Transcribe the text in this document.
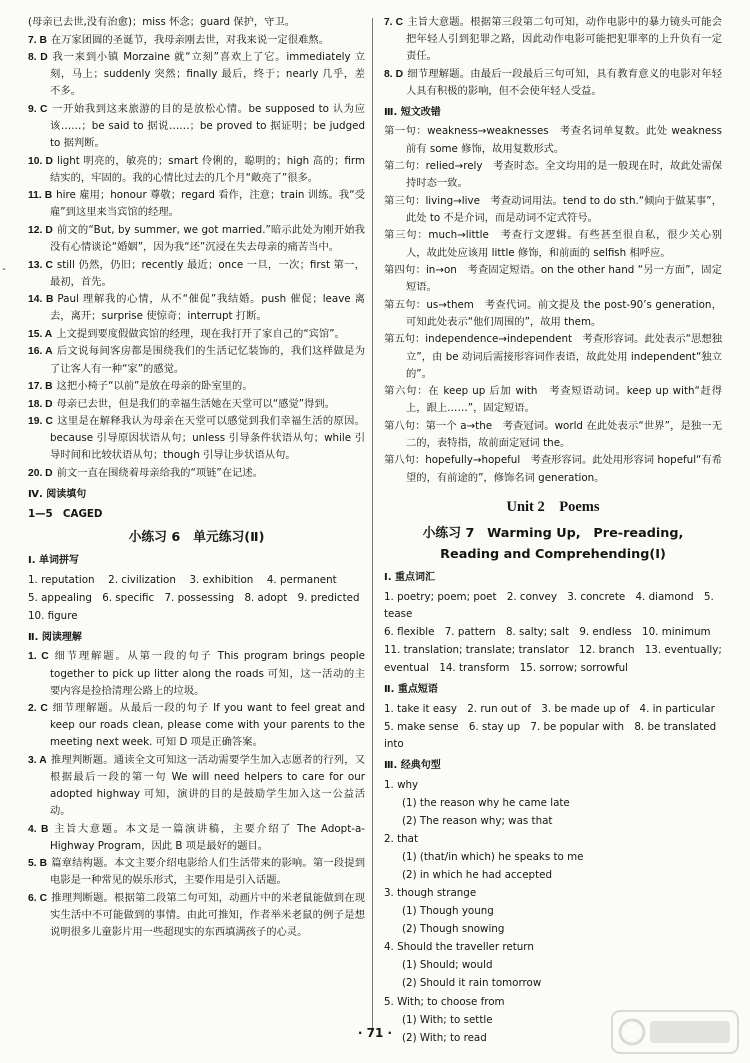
-
(母亲已去世,没有治愈)；miss 怀念；guard 保护，守卫。
7. B 在万家团圆的圣诞节，我母亲刚去世，对我来说一定很难熬。
8. D 我一来到小镇 Morzaine 就“立刻”喜欢上了它。immediately 立刻，马上；suddenly 突然；finally 最后，终于；nearly 几乎，差不多。
9. C 一开始我到这来旅游的目的是放松心情。be supposed to 认为应该……；be said to 据说……；be proved to 据证明；be judged to 据判断。
10. D light 明亮的，敏亮的；smart 伶俐的，聪明的；high 高的；firm 结实的，牢固的。我的心情比过去的几个月“敞亮了”很多。
11. B hire 雇用；honour 尊敬；regard 看作，注意；train 训练。我“受雇”到这里来当宾馆的经理。
12. D 前文的“But, by summer, we got married.”暗示此处为刚开始我没有心情谈论“婚姻”，因为我“还”沉浸在失去母亲的痛苦当中。
13. C still 仍然，仍旧；recently 最近；once 一旦，一次；first 第一，最初，首先。
14. B Paul 理解我的心情，从不“催促”我结婚。push 催促；leave 离去，离开；surprise 使惊奇；interrupt 打断。
15. A 上文提到要度假做宾馆的经理，现在我打开了家自己的“宾馆”。
16. A 后文说每间客房都是围绕我们的生活记忆装饰的，我们这样做是为了让客人有一种“家”的感觉。
17. B 这把小椅子“以前”是放在母亲的卧室里的。
18. D 母亲已去世，但是我们的幸福生活她在天堂可以“感觉”得到。
19. C 这里是在解释我认为母亲在天堂可以感觉到我们幸福生活的原因。because 引导原因状语从句；unless 引导条件状语从句；while 引导时间和比较状语从句；though 引导让步状语从句。
20. D 前文一直在围绕着母亲给我的“项链”在记述。
Ⅳ. 阅读填句
1—5　CAGED
小练习 6　单元练习(Ⅱ)
Ⅰ. 单词拼写
1. reputation　 2. civilization　 3. exhibition　 4. permanent
5. appealing　6. specific　7. possessing　8. adopt　9. predicted
10. figure
Ⅱ. 阅读理解
1. C 细节理解题。从第一段的句子 This program brings people together to pick up litter along the roads 可知，这一活动的主要内容是捡拾清理公路上的垃圾。
2. C 细节理解题。从最后一段的句子 If you want to feel great and keep our roads clean, please come with your parents to the meeting next week. 可知 D 项是正确答案。
3. A 推理判断题。通读全文可知这一活动需要学生加入志愿者的行列，又根据最后一段的第一句 We will need helpers to care for our adopted highway 可知，演讲的目的是鼓励学生加入这一公益活动。
4. B 主旨大意题。本文是一篇演讲稿，主要介绍了 The Adopt-a-Highway Program，因此 B 项是最好的题目。
5. B 篇章结构题。本文主要介绍电影给人们生活带来的影响。第一段提到电影是一种常见的娱乐形式，主要作用是引入话题。
6. C 推理判断题。根据第二段第二句可知，动画片中的米老鼠能做到在现实生活中不可能做到的事情。由此可推知，作者举米老鼠的例子是想说明很多儿童影片用一些超现实的东西填满孩子的心灵。
7. C 主旨大意题。根据第三段第二句可知，动作电影中的暴力镜头可能会把年轻人引到犯罪之路，因此动作电影可能把犯罪率的上升负有一定责任。
8. D 细节理解题。由最后一段最后三句可知，具有教育意义的电影对年轻人具有积极的影响，但不会使年轻人受益。
Ⅲ. 短文改错
第一句：weakness→weaknesses　考查名词单复数。此处 weakness 前有 some 修饰，故用复数形式。
第二句：relied→rely　考查时态。全文均用的是一般现在时，故此处需保持时态一致。
第三句：living→live　考查动词用法。tend to do sth.“倾向于做某事”，此处 to 不是介词，而是动词不定式符号。
第三句：much→little　考查行文逻辑。有些甚至很自私，很少关心别人，故此处应该用 little 修饰，和前面的 selfish 相呼应。
第四句：in→on　考查固定短语。on the other hand “另一方面”，固定短语。
第五句：us→them　考查代词。前文提及 the post-90’s generation，可知此处表示“他们周围的”，故用 them。
第五句：independence→independent　考查形容词。此处表示“思想独立”，由 be 动词后需接形容词作表语，故此处用 independent“独立的”。
第六句：在 keep up 后加 with　考查短语动词。keep up with“赶得上，跟上……”，固定短语。
第八句：第一个 a→the　考查冠词。world 在此处表示“世界”，是独一无二的，表特指，故前面定冠词 the。
第八句：hopefully→hopeful　考查形容词。此处用形容词 hopeful“有希望的，有前途的”，修饰名词 generation。
Unit 2　Poems
小练习 7　Warming Up,　Pre-reading,
Reading and Comprehending(Ⅰ)
Ⅰ. 重点词汇
1. poetry; poem; poet　2. convey　3. concrete　4. diamond　5. tease
6. flexible　7. pattern　8. salty; salt　9. endless　10. minimum
11. translation; translate; translator　12. branch　13. eventually;
eventual　14. transform　15. sorrow; sorrowful
Ⅱ. 重点短语
1. take it easy　2. run out of　3. be made up of　4. in particular
5. make sense　6. stay up　7. be popular with　8. be translated into
Ⅲ. 经典句型
1. why
(1) the reason why he came late
(2) The reason why; was that
2. that
(1) (that/in which) he speaks to me
(2) in which he had accepted
3. though strange
(1) Though young
(2) Though snowing
4. Should the traveller return
(1) Should; would
(2) Should it rain tomorrow
5. With; to choose from
(1) With; to settle
(2) With; to read
· 71 ·
